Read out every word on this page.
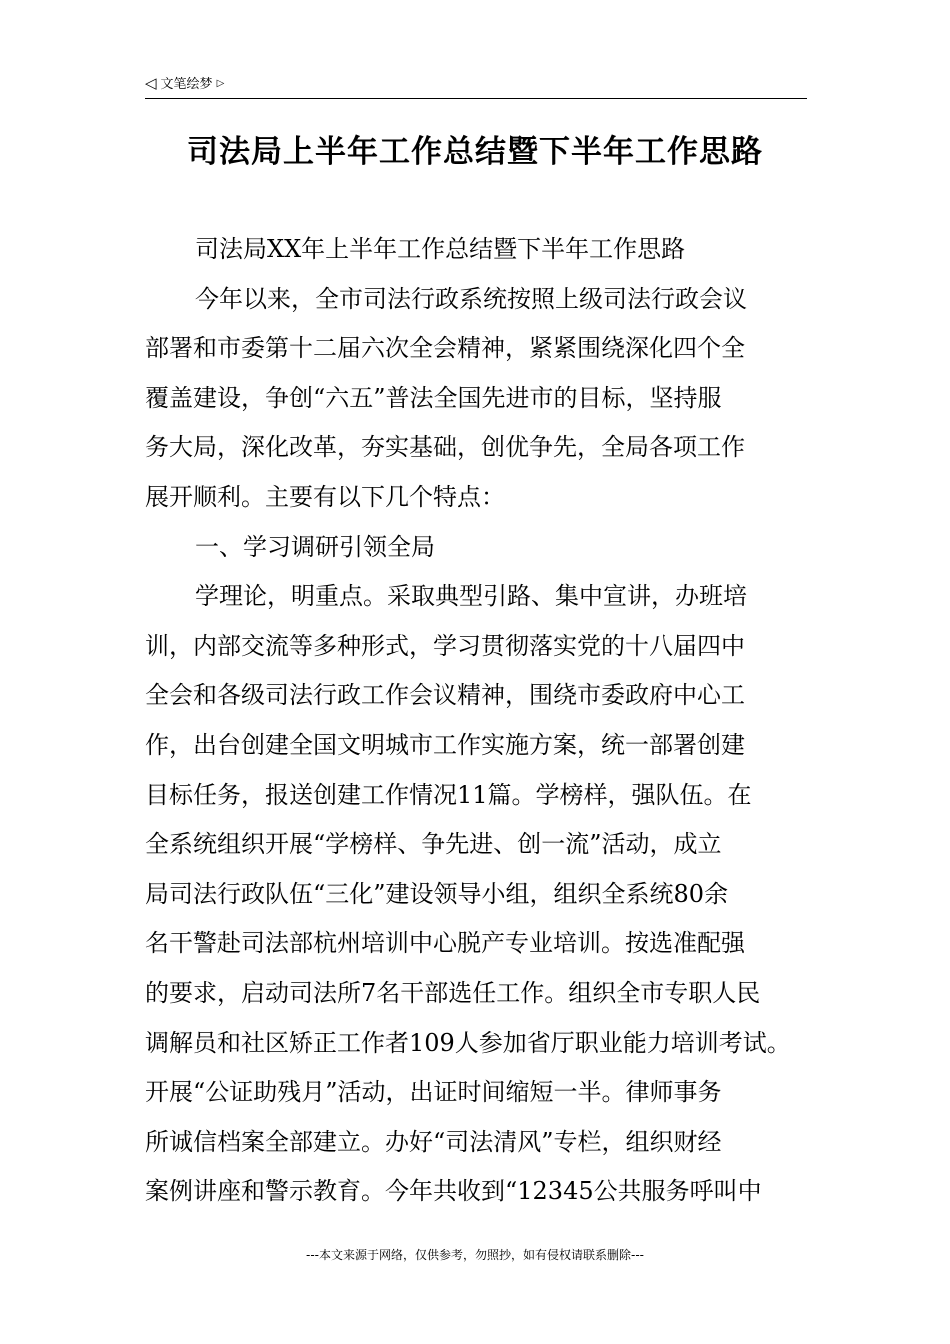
◁ 文笔绘梦 ▷
司法局上半年工作总结暨下半年工作思路

司法局XX年上半年工作总结暨下半年工作思路

今年以来，全市司法行政系统按照上级司法行政会议

部署和市委第十二届六次全会精神，紧紧围绕深化四个全

覆盖建设，争创“六五”普法全国先进市的目标，坚持服

务大局，深化改革，夯实基础，创优争先，全局各项工作

展开顺利。主要有以下几个特点：

一、学习调研引领全局

学理论，明重点。采取典型引路、集中宣讲，办班培

训，内部交流等多种形式，学习贯彻落实党的十八届四中

全会和各级司法行政工作会议精神，围绕市委政府中心工

作，出台创建全国文明城市工作实施方案，统一部署创建

目标任务，报送创建工作情况11篇。学榜样，强队伍。在

全系统组织开展“学榜样、争先进、创一流”活动，成立

局司法行政队伍“三化”建设领导小组，组织全系统80余

名干警赴司法部杭州培训中心脱产专业培训。按选准配强

的要求，启动司法所7名干部选任工作。组织全市专职人民

调解员和社区矫正工作者109人参加省厅职业能力培训考试。

开展“公证助残月”活动，出证时间缩短一半。律师事务

所诚信档案全部建立。办好“司法清风”专栏，组织财经

案例讲座和警示教育。今年共收到“12345公共服务呼叫中

---本文来源于网络，仅供参考，勿照抄，如有侵权请联系删除---
